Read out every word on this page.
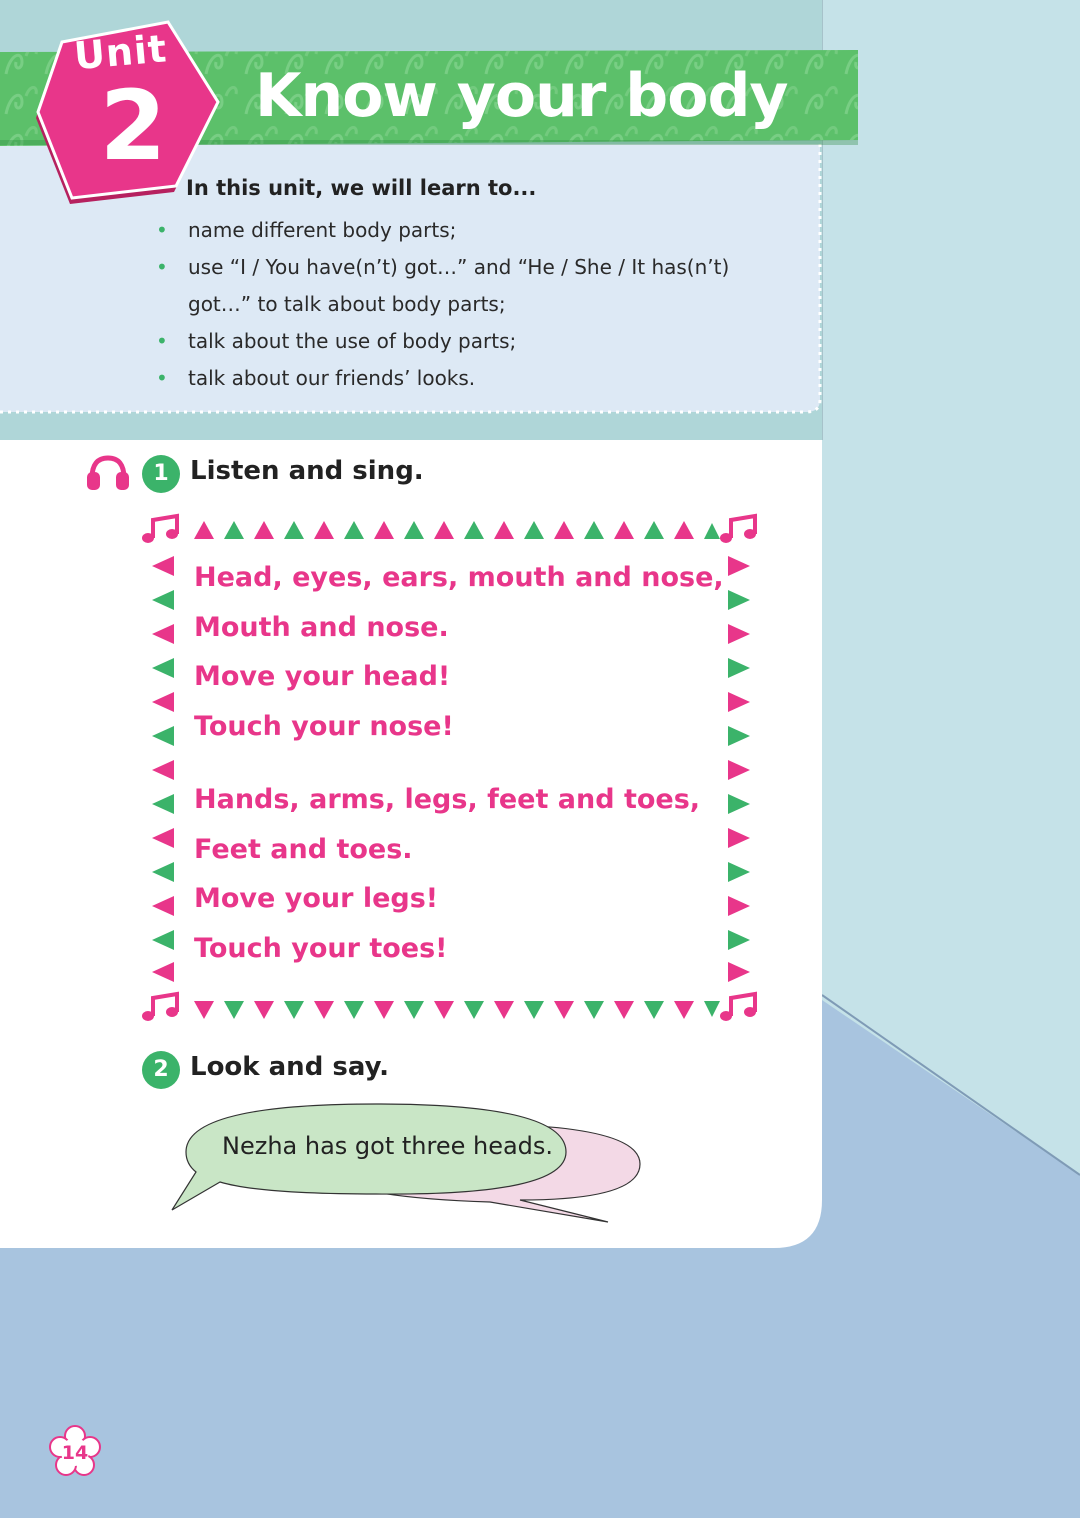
Unit
2 Know your body
In this unit, we will learn to...
• name different body parts;
• use “I / You have(n’t) got…” and “He / She / It has(n’t)
got…” to talk about body parts;
• talk about the use of body parts;
• talk about our friends’ looks.
1 Listen and sing.
Head, eyes, ears, mouth and nose,
Mouth and nose.
Move your head!
Touch your nose!
Hands, arms, legs, feet and toes,
Feet and toes.
Move your legs!
Touch your toes!
2 Look and say.
Nezha has got three heads.
14
